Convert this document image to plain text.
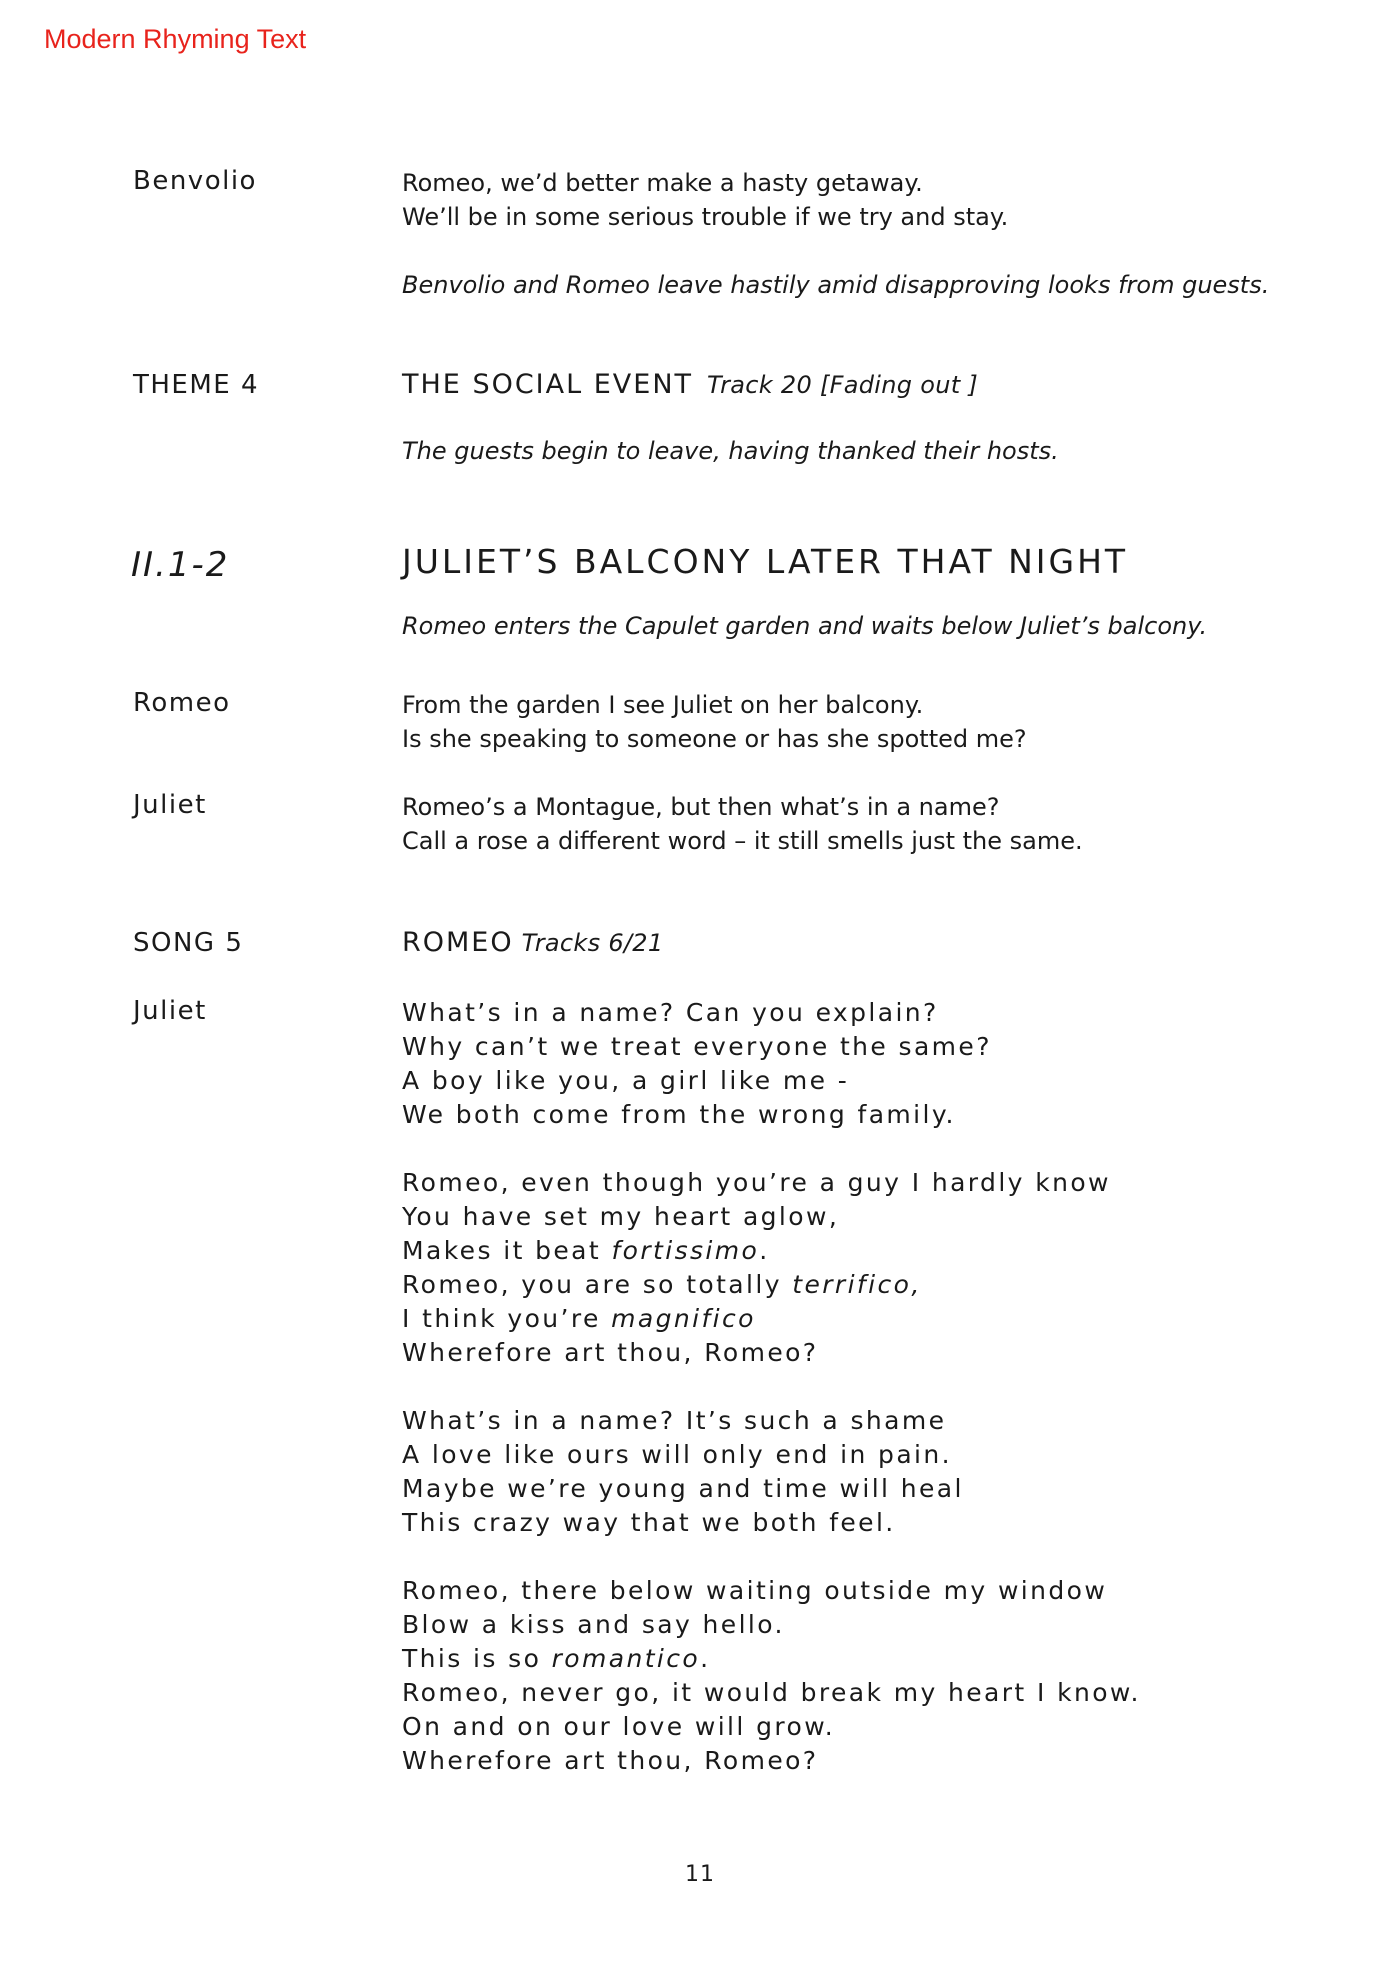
Modern Rhyming Text
Benvolio	Romeo, we’d better make a hasty getaway.
We’ll be in some serious trouble if we try and stay.
Benvolio and Romeo leave hastily amid disapproving looks from guests.
THEME 4	THE SOCIAL EVENT Track 20 [Fading out ]
The guests begin to leave, having thanked their hosts.
II.1-2	JULIET’S BALCONY LATER THAT NIGHT
Romeo enters the Capulet garden and waits below Juliet’s balcony.
Romeo	From the garden I see Juliet on her balcony.
Is she speaking to someone or has she spotted me?
Juliet	Romeo’s a Montague, but then what’s in a name?
Call a rose a different word – it still smells just the same.
SONG 5	ROMEO Tracks 6/21
Juliet	What’s in a name? Can you explain?
Why can’t we treat everyone the same?
A boy like you, a girl like me -
We both come from the wrong family.
Romeo, even though you’re a guy I hardly know
You have set my heart aglow,
Makes it beat fortissimo.
Romeo, you are so totally terrifico,
I think you’re magnifico
Wherefore art thou, Romeo?
What’s in a name? It’s such a shame
A love like ours will only end in pain.
Maybe we’re young and time will heal
This crazy way that we both feel.
Romeo, there below waiting outside my window
Blow a kiss and say hello.
This is so romantico.
Romeo, never go, it would break my heart I know.
On and on our love will grow.
Wherefore art thou, Romeo?
11
